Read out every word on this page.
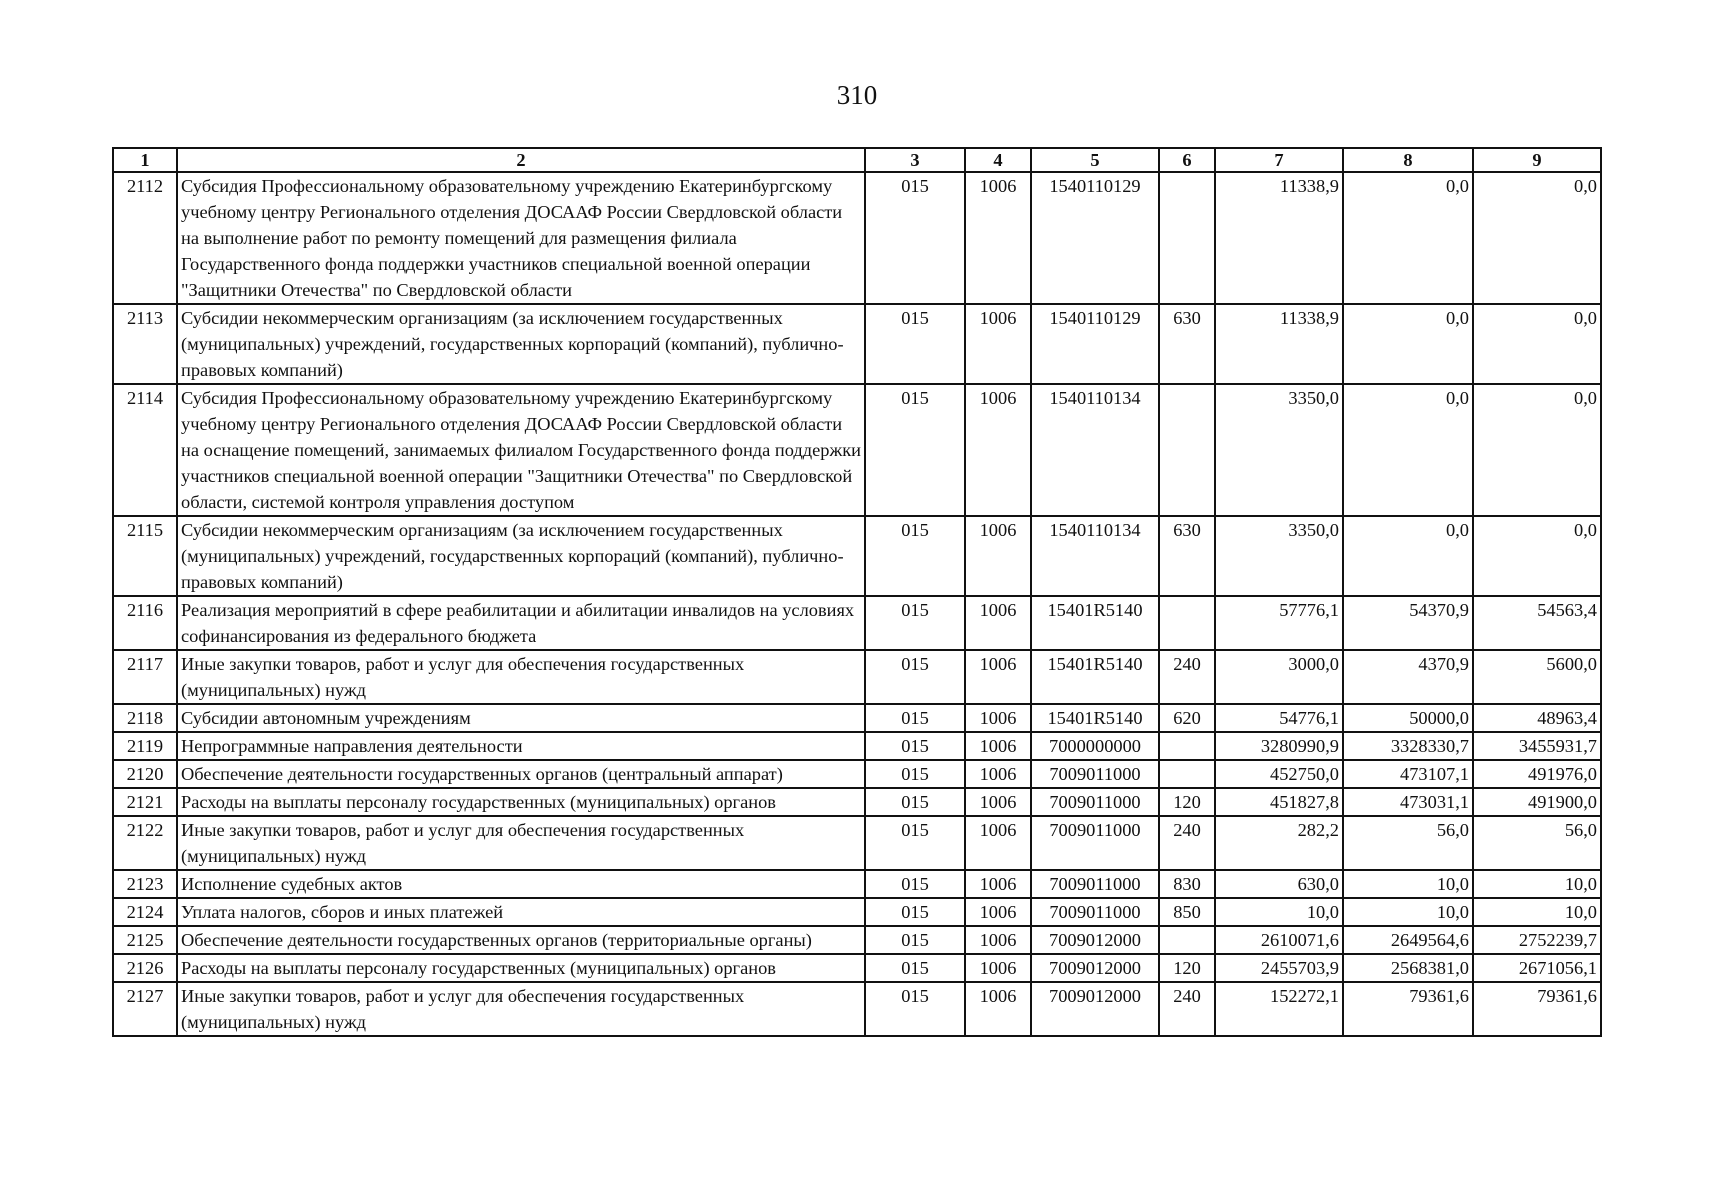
310
1	2	3	4	5	6	7	8	9
2112	Субсидия Профессиональному образовательному учреждению Екатеринбургскому учебному центру Регионального отделения ДОСААФ России Свердловской области на выполнение работ по ремонту помещений для размещения филиала Государственного фонда поддержки участников специальной военной операции "Защитники Отечества" по Свердловской области	015	1006	1540110129		11338,9	0,0	0,0
2113	Субсидии некоммерческим организациям (за исключением государственных (муниципальных) учреждений, государственных корпораций (компаний), публично-правовых компаний)	015	1006	1540110129	630	11338,9	0,0	0,0
2114	Субсидия Профессиональному образовательному учреждению Екатеринбургскому учебному центру Регионального отделения ДОСААФ России Свердловской области на оснащение помещений, занимаемых филиалом Государственного фонда поддержки участников специальной военной операции "Защитники Отечества" по Свердловской области, системой контроля управления доступом	015	1006	1540110134		3350,0	0,0	0,0
2115	Субсидии некоммерческим организациям (за исключением государственных (муниципальных) учреждений, государственных корпораций (компаний), публично-правовых компаний)	015	1006	1540110134	630	3350,0	0,0	0,0
2116	Реализация мероприятий в сфере реабилитации и абилитации инвалидов на условиях софинансирования из федерального бюджета	015	1006	15401R5140		57776,1	54370,9	54563,4
2117	Иные закупки товаров, работ и услуг для обеспечения государственных (муниципальных) нужд	015	1006	15401R5140	240	3000,0	4370,9	5600,0
2118	Субсидии автономным учреждениям	015	1006	15401R5140	620	54776,1	50000,0	48963,4
2119	Непрограммные направления деятельности	015	1006	7000000000		3280990,9	3328330,7	3455931,7
2120	Обеспечение деятельности государственных органов (центральный аппарат)	015	1006	7009011000		452750,0	473107,1	491976,0
2121	Расходы на выплаты персоналу государственных (муниципальных) органов	015	1006	7009011000	120	451827,8	473031,1	491900,0
2122	Иные закупки товаров, работ и услуг для обеспечения государственных (муниципальных) нужд	015	1006	7009011000	240	282,2	56,0	56,0
2123	Исполнение судебных актов	015	1006	7009011000	830	630,0	10,0	10,0
2124	Уплата налогов, сборов и иных платежей	015	1006	7009011000	850	10,0	10,0	10,0
2125	Обеспечение деятельности государственных органов (территориальные органы)	015	1006	7009012000		2610071,6	2649564,6	2752239,7
2126	Расходы на выплаты персоналу государственных (муниципальных) органов	015	1006	7009012000	120	2455703,9	2568381,0	2671056,1
2127	Иные закупки товаров, работ и услуг для обеспечения государственных (муниципальных) нужд	015	1006	7009012000	240	152272,1	79361,6	79361,6
